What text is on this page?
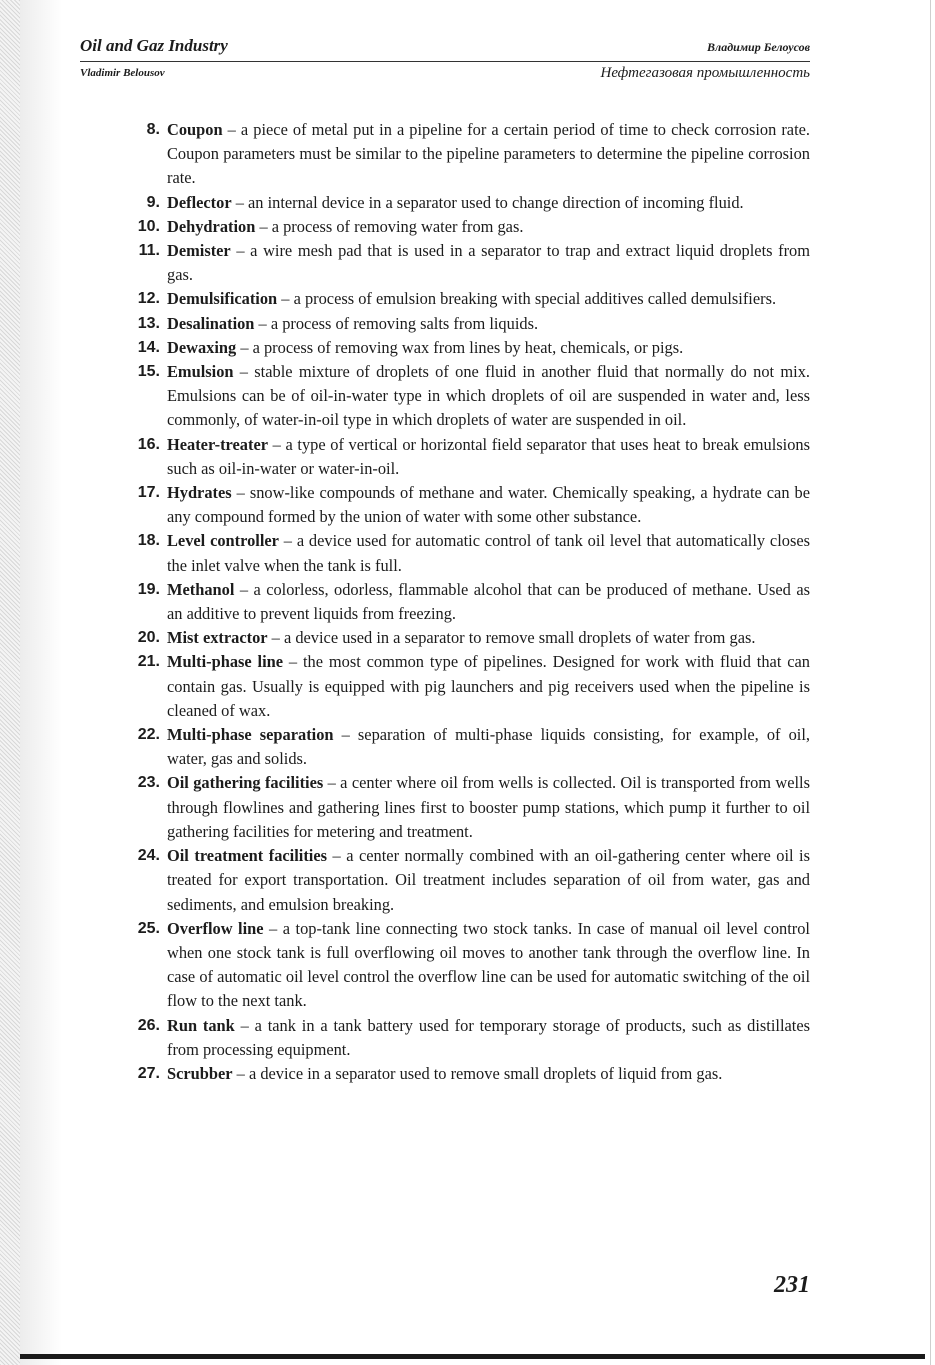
Oil and Gaz Industry	Владимир Белоусов
Vladimir Belousov	Нефтегазовая промышленность
8. Coupon – a piece of metal put in a pipeline for a certain period of time to check corrosion rate. Coupon parameters must be similar to the pipeline parameters to determine the pipeline corrosion rate.
9. Deflector – an internal device in a separator used to change direction of incoming fluid.
10. Dehydration – a process of removing water from gas.
11. Demister – a wire mesh pad that is used in a separator to trap and extract liquid droplets from gas.
12. Demulsification – a process of emulsion breaking with special additives called demulsifiers.
13. Desalination – a process of removing salts from liquids.
14. Dewaxing – a process of removing wax from lines by heat, chemicals, or pigs.
15. Emulsion – stable mixture of droplets of one fluid in another fluid that normally do not mix. Emulsions can be of oil-in-water type in which droplets of oil are suspended in water and, less commonly, of water-in-oil type in which droplets of water are suspended in oil.
16. Heater-treater – a type of vertical or horizontal field separator that uses heat to break emulsions such as oil-in-water or water-in-oil.
17. Hydrates – snow-like compounds of methane and water. Chemically speaking, a hydrate can be any compound formed by the union of water with some other substance.
18. Level controller – a device used for automatic control of tank oil level that automatically closes the inlet valve when the tank is full.
19. Methanol – a colorless, odorless, flammable alcohol that can be produced of methane. Used as an additive to prevent liquids from freezing.
20. Mist extractor – a device used in a separator to remove small droplets of water from gas.
21. Multi-phase line – the most common type of pipelines. Designed for work with fluid that can contain gas. Usually is equipped with pig launchers and pig receivers used when the pipeline is cleaned of wax.
22. Multi-phase separation – separation of multi-phase liquids consisting, for example, of oil, water, gas and solids.
23. Oil gathering facilities – a center where oil from wells is collected. Oil is transported from wells through flowlines and gathering lines first to booster pump stations, which pump it further to oil gathering facilities for metering and treatment.
24. Oil treatment facilities – a center normally combined with an oil-gathering center where oil is treated for export transportation. Oil treatment includes separation of oil from water, gas and sediments, and emulsion breaking.
25. Overflow line – a top-tank line connecting two stock tanks. In case of manual oil level control when one stock tank is full overflowing oil moves to another tank through the overflow line. In case of automatic oil level control the overflow line can be used for automatic switching of the oil flow to the next tank.
26. Run tank – a tank in a tank battery used for temporary storage of products, such as distillates from processing equipment.
27. Scrubber – a device in a separator used to remove small droplets of liquid from gas.
231
